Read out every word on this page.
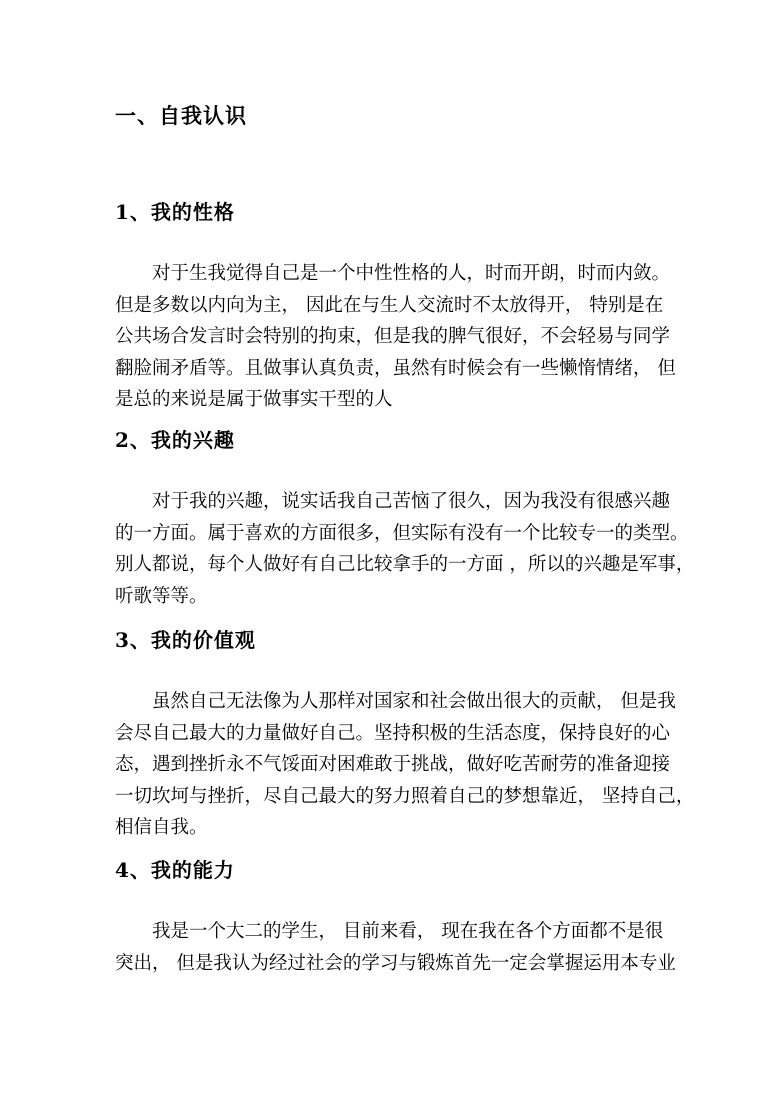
一、自我认识
1、我的性格
对于生我觉得自己是一个中性性格的人，时而开朗，时而内敛。
但是多数以内向为主， 因此在与生人交流时不太放得开， 特别是在
公共场合发言时会特别的拘束，但是我的脾气很好，不会轻易与同学
翻脸闹矛盾等。且做事认真负责，虽然有时候会有一些懒惰情绪， 但
是总的来说是属于做事实干型的人
2、我的兴趣
对于我的兴趣，说实话我自己苦恼了很久，因为我没有很感兴趣
的一方面。属于喜欢的方面很多，但实际有没有一个比较专一的类型。
别人都说，每个人做好有自己比较拿手的一方面 ，所以的兴趣是军事，
听歌等等。
3、我的价值观
虽然自己无法像为人那样对国家和社会做出很大的贡献， 但是我
会尽自己最大的力量做好自己。坚持积极的生活态度，保持良好的心
态，遇到挫折永不气馁面对困难敢于挑战，做好吃苦耐劳的准备迎接
一切坎坷与挫折，尽自己最大的努力照着自己的梦想靠近， 坚持自己，
相信自我。
4、我的能力
我是一个大二的学生， 目前来看， 现在我在各个方面都不是很
突出， 但是我认为经过社会的学习与锻炼首先一定会掌握运用本专业
